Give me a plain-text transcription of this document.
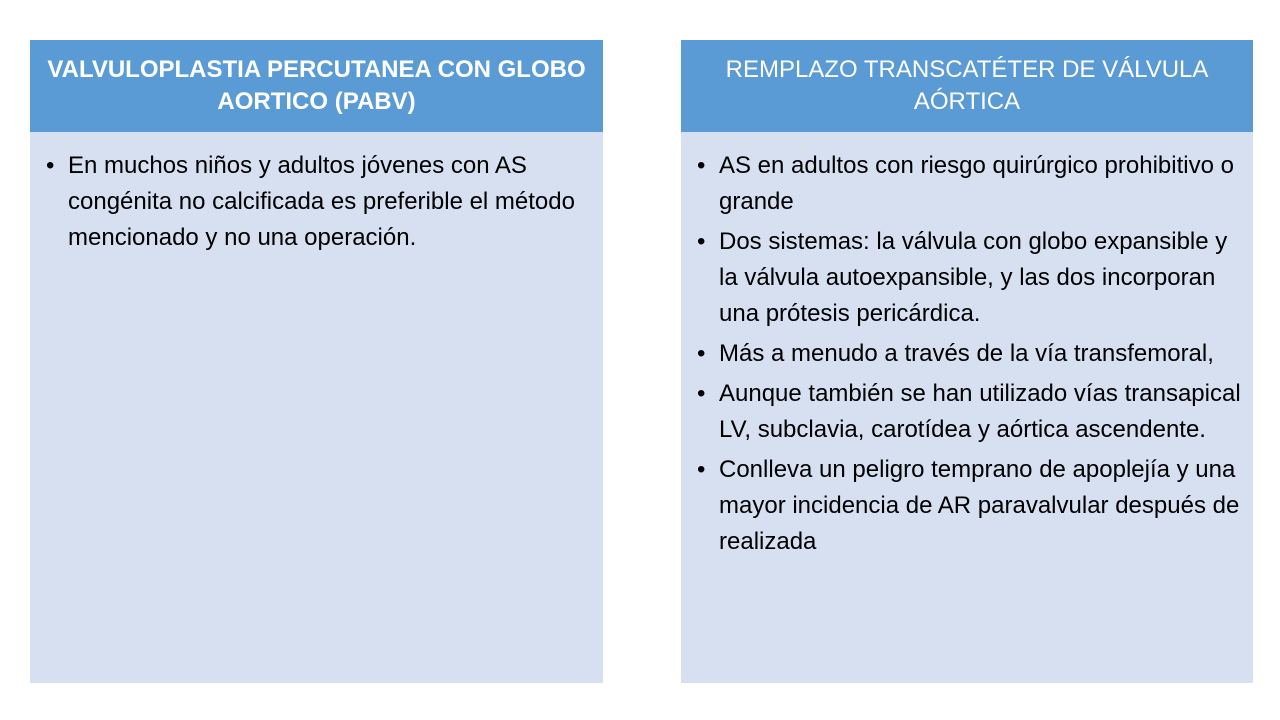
VALVULOPLASTIA PERCUTANEA CON GLOBO AORTICO (PABV)
• En muchos niños y adultos jóvenes con AS congénita no calcificada es preferible el método mencionado y no una operación.
REMPLAZO TRANSCATÉTER DE VÁLVULA AÓRTICA
• AS en adultos con riesgo quirúrgico prohibitivo o grande
• Dos sistemas: la válvula con globo expansible y la válvula autoexpansible, y las dos incorporan una prótesis pericárdica.
• Más a menudo a través de la vía transfemoral,
• Aunque también se han utilizado vías transapical LV, subclavia, carotídea y aórtica ascendente.
• Conlleva un peligro temprano de apoplejía y una mayor incidencia de AR paravalvular después de realizada
